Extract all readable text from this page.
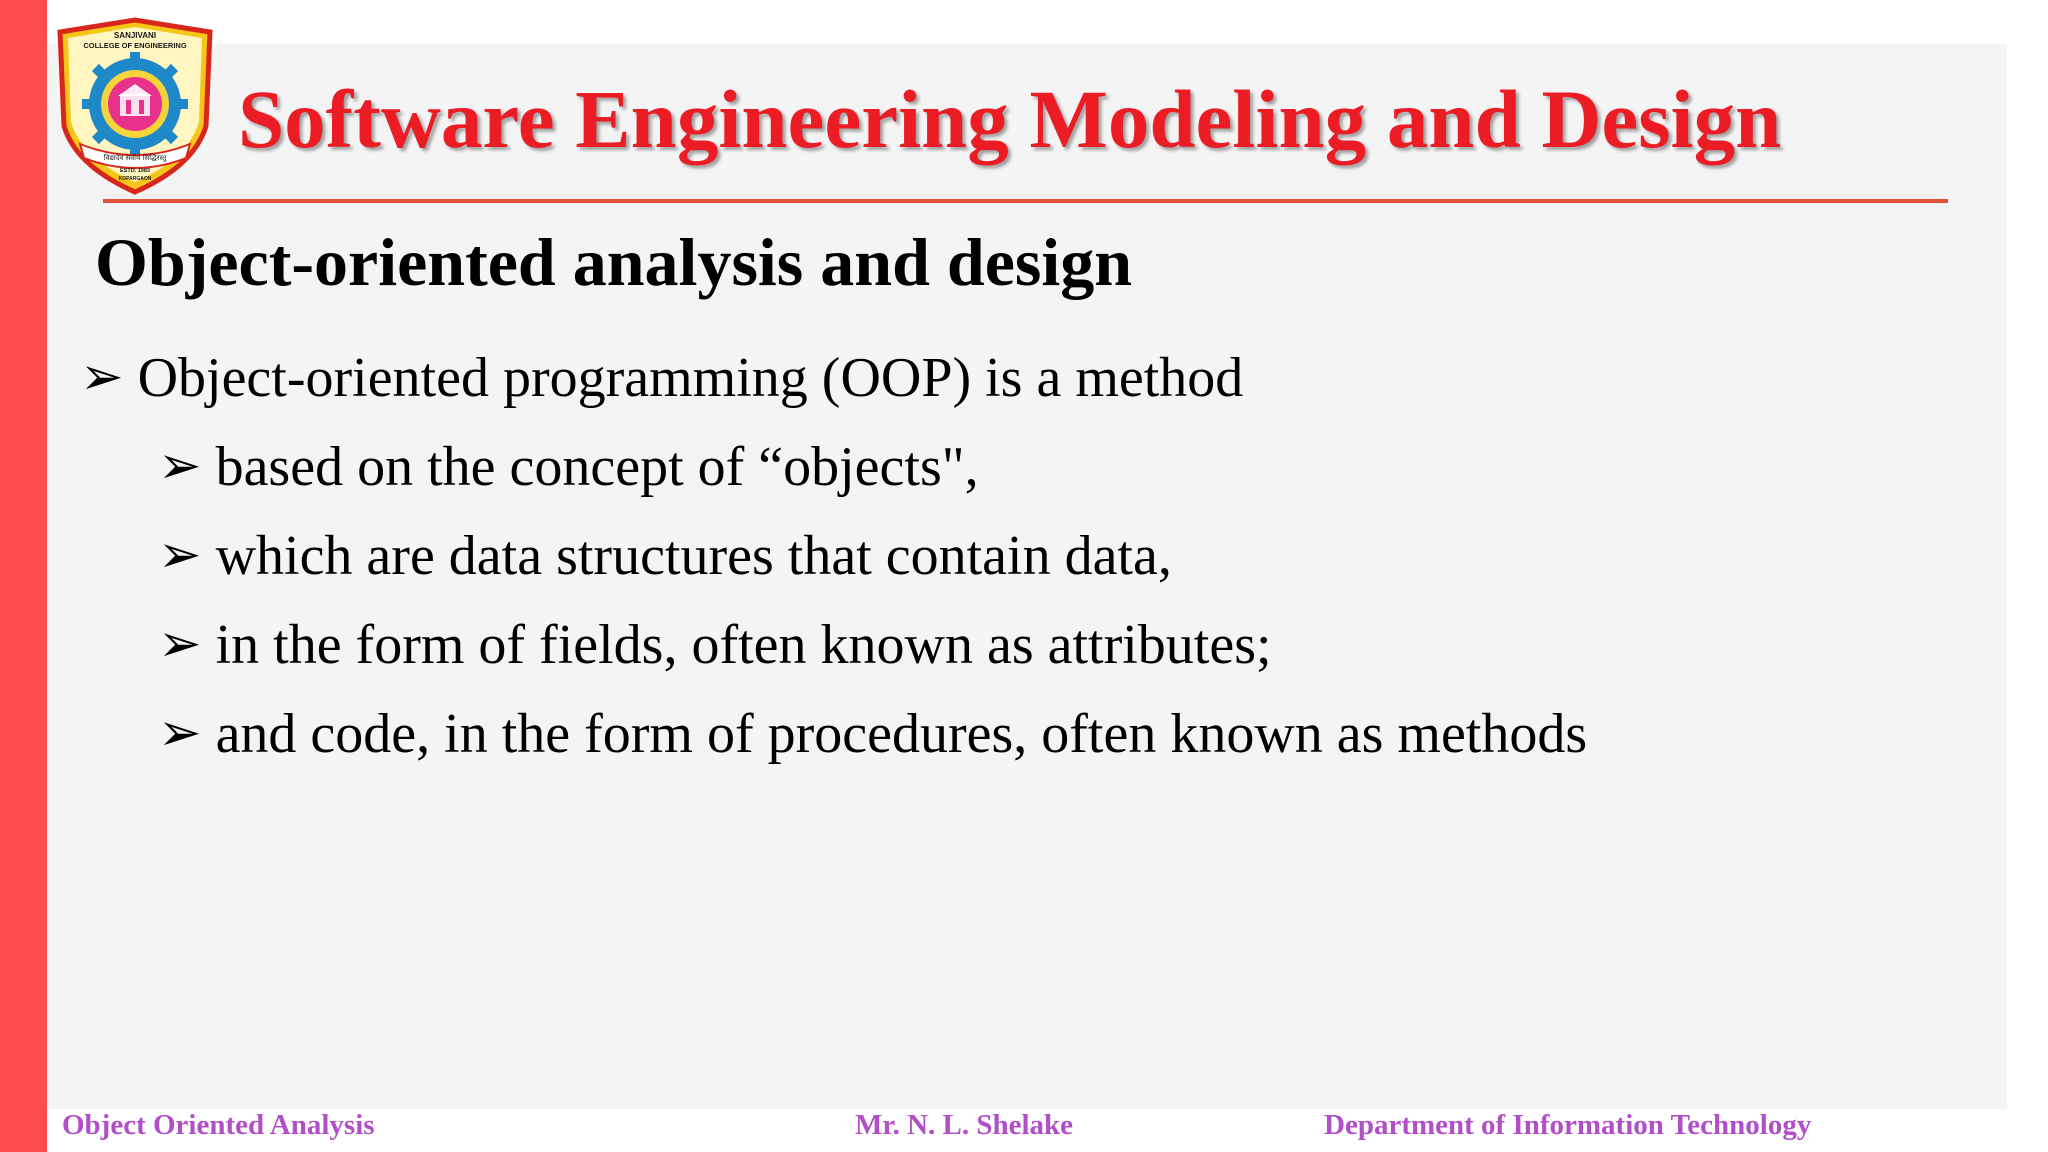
SANJIVANI
COLLEGE OF ENGINEERING
विद्यादेव सर्वार्थ सिद्धिरस्तु
ESTD. 1983
KOPARGAON
Software Engineering Modeling and Design
Object-oriented analysis and design
➢ Object-oriented programming (OOP) is a method
➢ based on the concept of “objects",
➢ which are data structures that contain data,
➢ in the form of fields, often known as attributes;
➢ and code, in the form of procedures, often known as methods

Object Oriented Analysis	Mr. N. L. Shelake	Department of Information Technology
